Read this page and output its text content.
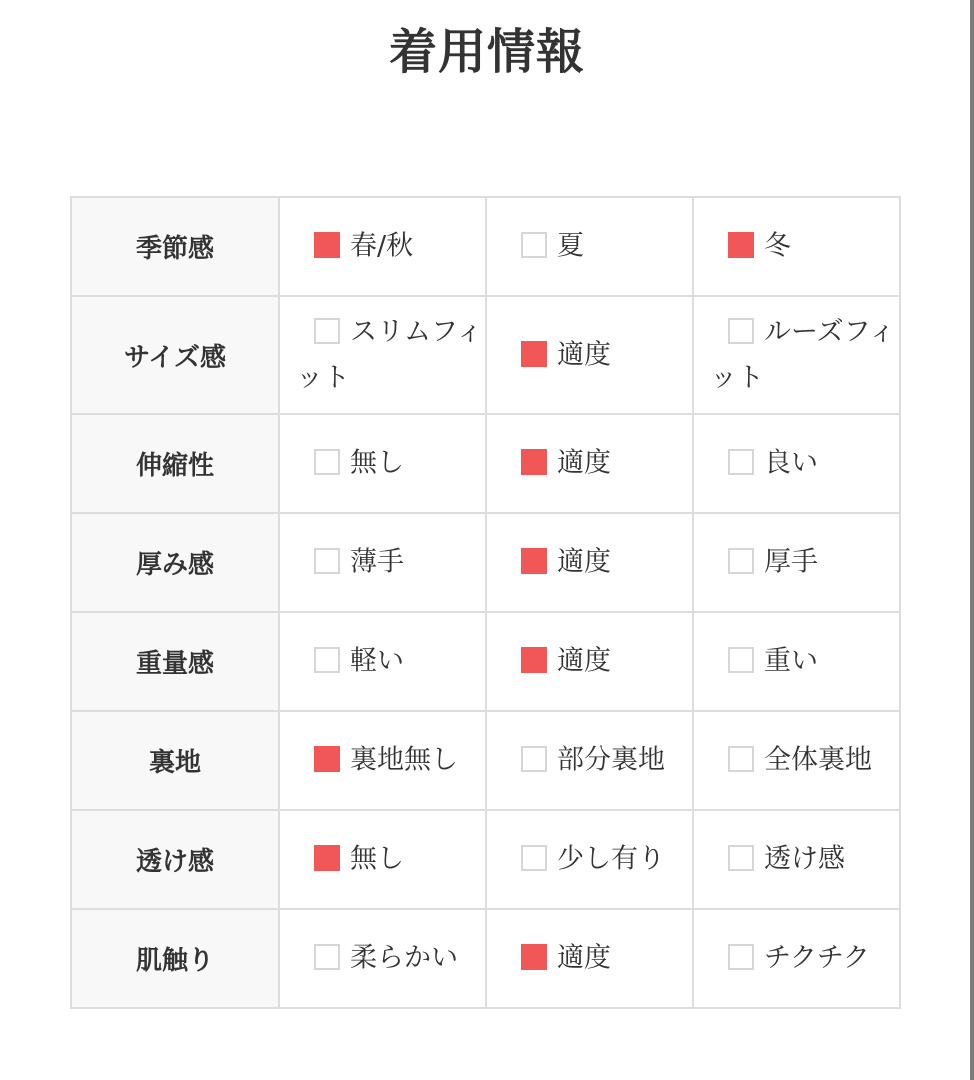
着用情報
季節感	春/秋	夏	冬
サイズ感	スリムフィット	適度	ルーズフィット
伸縮性	無し	適度	良い
厚み感	薄手	適度	厚手
重量感	軽い	適度	重い
裏地	裏地無し	部分裏地	全体裏地
透け感	無し	少し有り	透け感
肌触り	柔らかい	適度	チクチク
